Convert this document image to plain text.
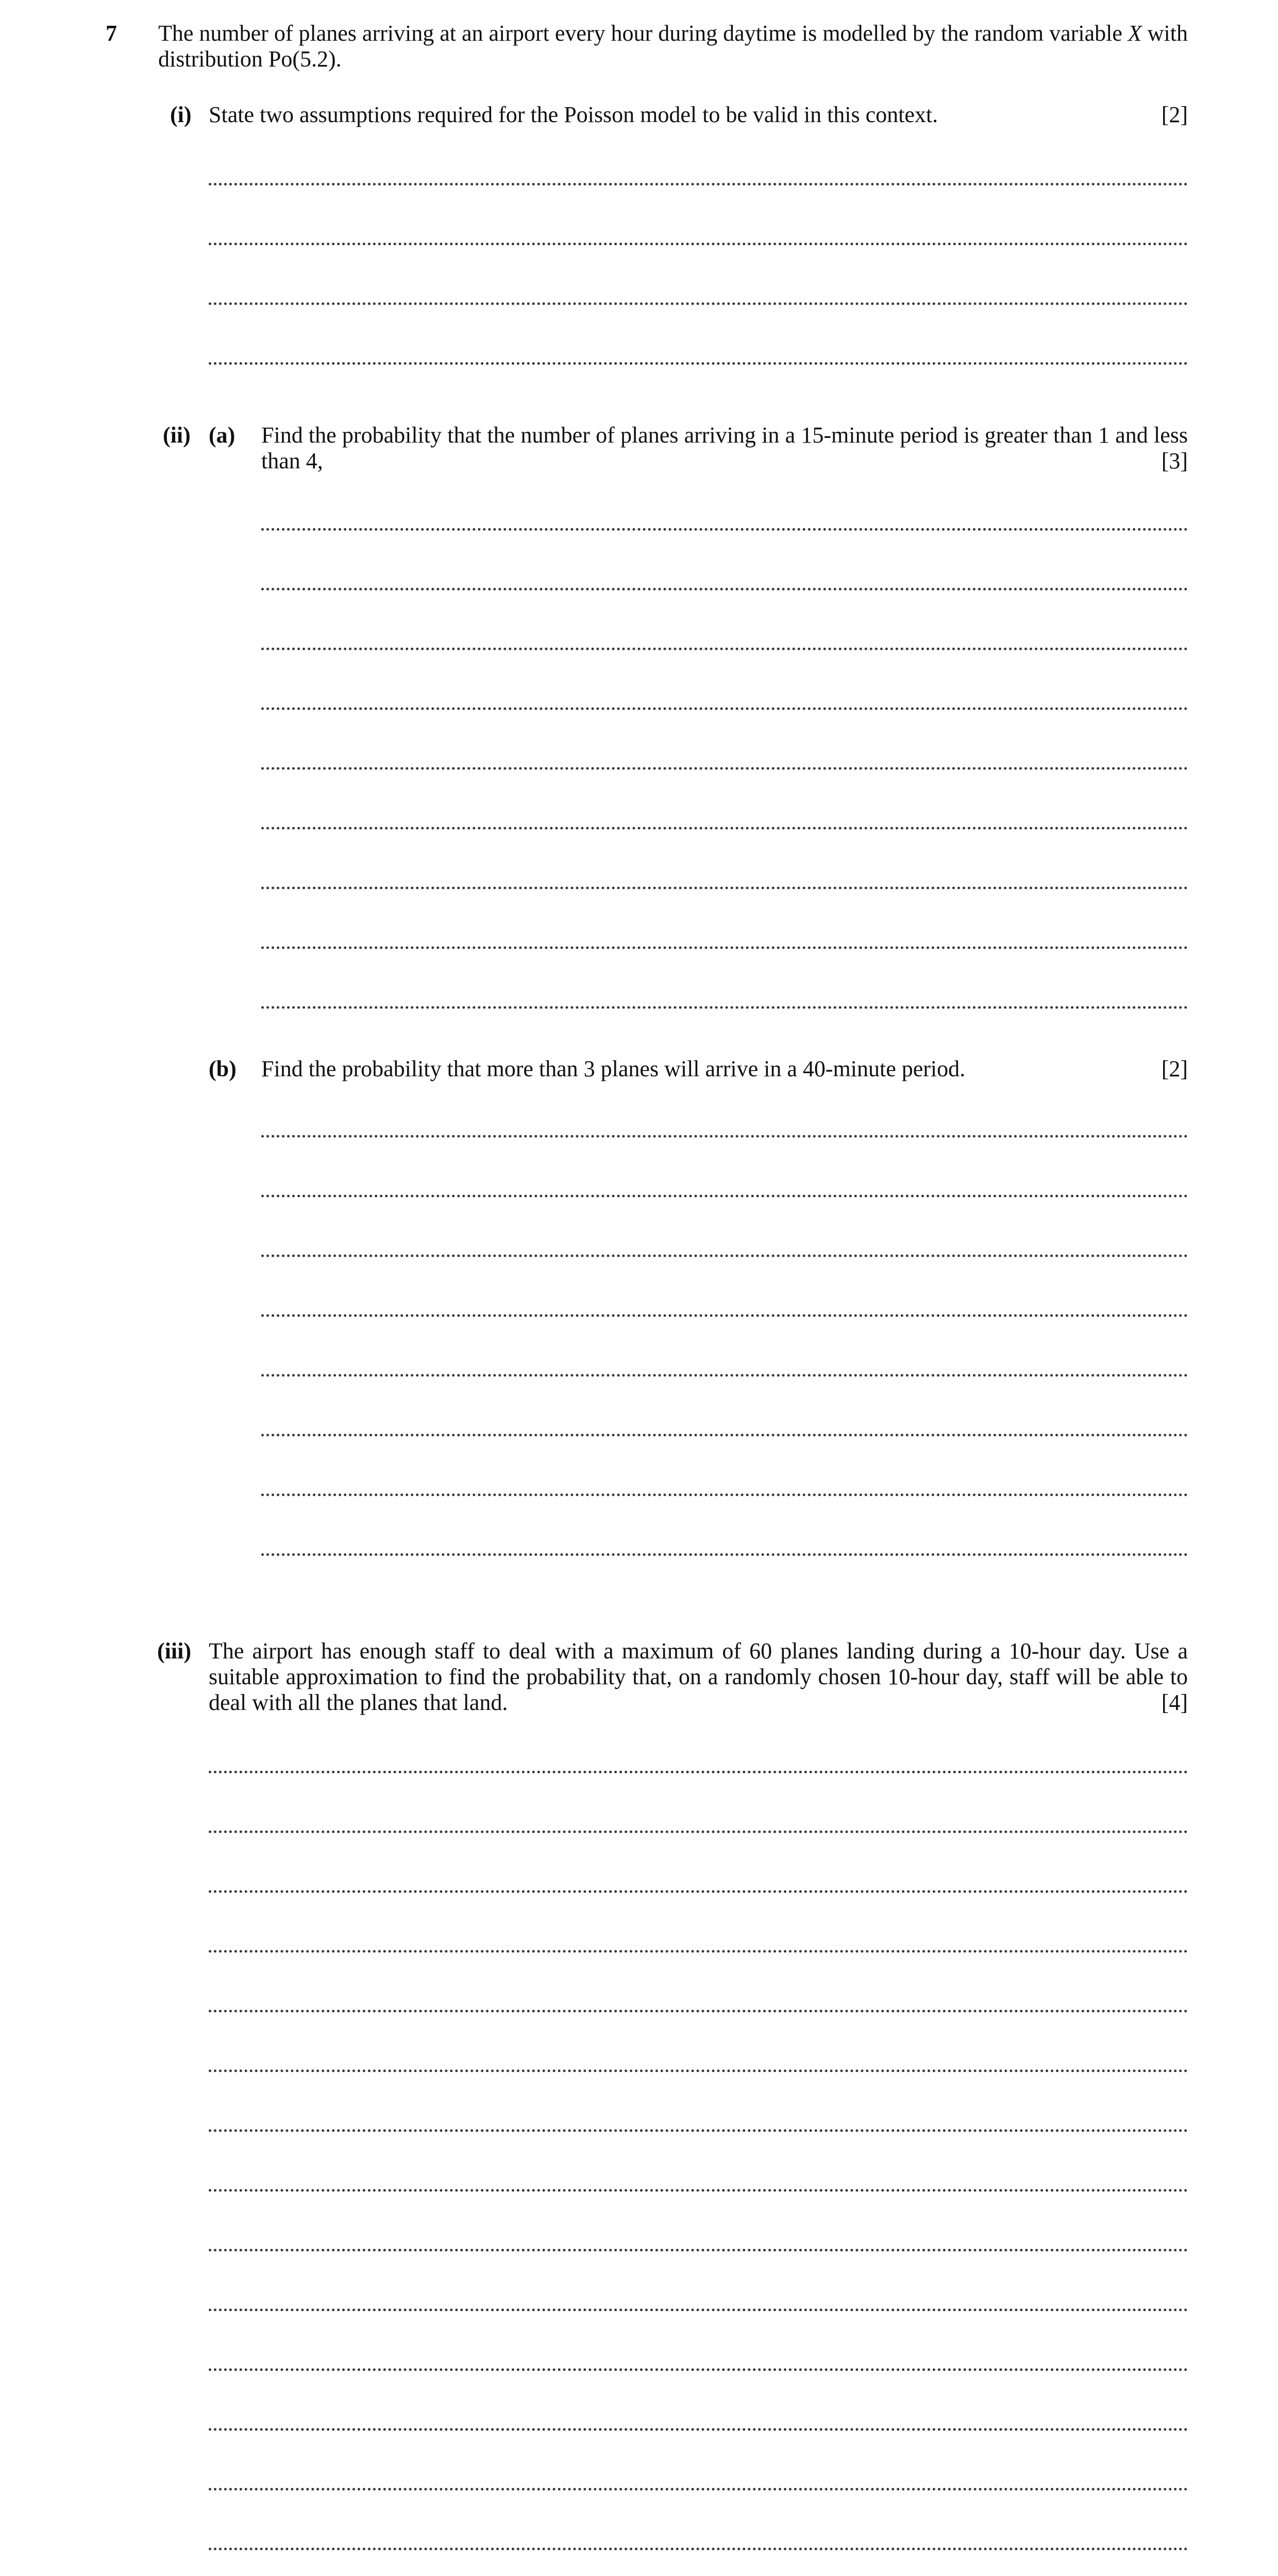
7 The number of planes arriving at an airport every hour during daytime is modelled by the random variable X with distribution Po(5.2).
(i) State two assumptions required for the Poisson model to be valid in this context.	[2]
(ii) (a) Find the probability that the number of planes arriving in a 15-minute period is greater than 1 and less than 4,	[3]
(b) Find the probability that more than 3 planes will arrive in a 40-minute period.	[2]
(iii) The airport has enough staff to deal with a maximum of 60 planes landing during a 10-hour day. Use a suitable approximation to find the probability that, on a randomly chosen 10-hour day, staff will be able to deal with all the planes that land.	[4]
